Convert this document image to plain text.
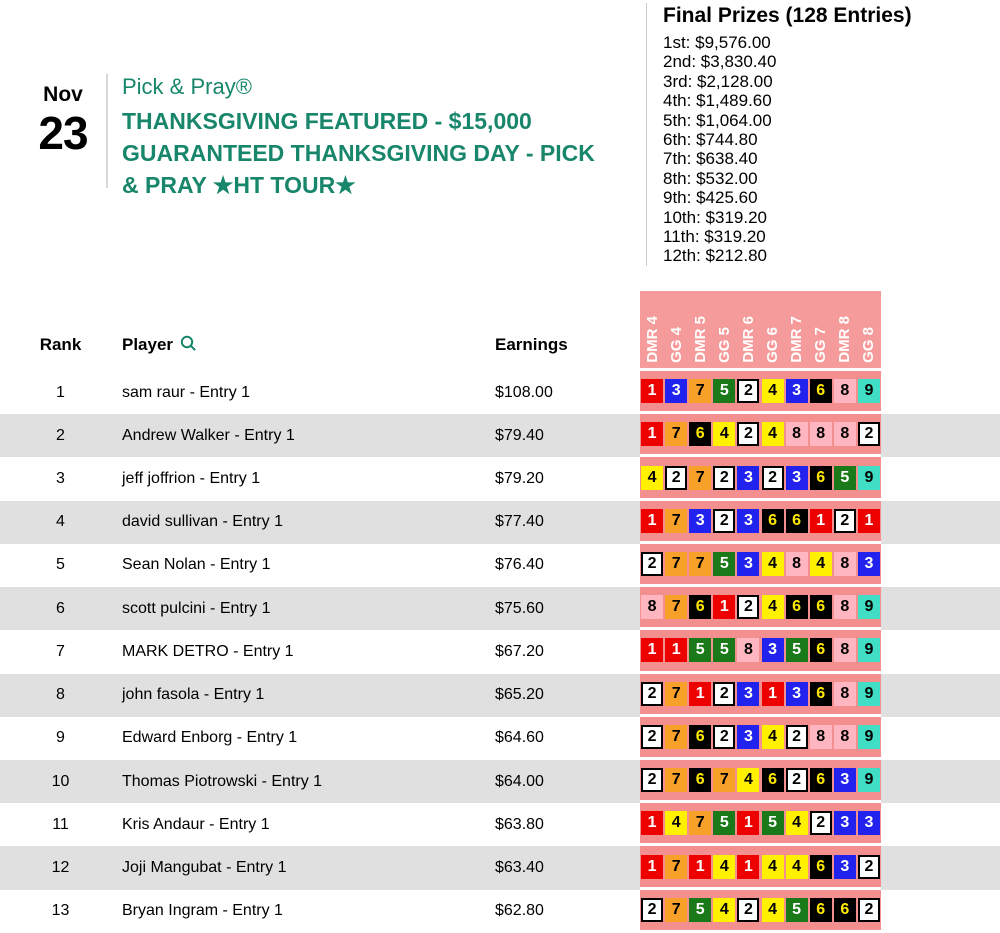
Nov
23
Pick & Pray®
THANKSGIVING FEATURED - $15,000
GUARANTEED THANKSGIVING DAY - PICK
& PRAY ★HT TOUR★
Final Prizes (128 Entries)
1st: $9,576.00
2nd: $3,830.40
3rd: $2,128.00
4th: $1,489.60
5th: $1,064.00
6th: $744.80
7th: $638.40
8th: $532.00
9th: $425.60
10th: $319.20
11th: $319.20
12th: $212.80
Rank	Player	Earnings	DMR 4 GG 4 DMR 5 GG 5 DMR 6 GG 6 DMR 7 GG 7 DMR 8 GG 8
1	sam raur - Entry 1	$108.00	1 3 7 5 2 4 3 6 8 9
2	Andrew Walker - Entry 1	$79.40	1 7 6 4 2 4 8 8 8 2
3	jeff joffrion - Entry 1	$79.20	4 2 7 2 3 2 3 6 5 9
4	david sullivan - Entry 1	$77.40	1 7 3 2 3 6 6 1 2 1
5	Sean Nolan - Entry 1	$76.40	2 7 7 5 3 4 8 4 8 3
6	scott pulcini - Entry 1	$75.60	8 7 6 1 2 4 6 6 8 9
7	MARK DETRO - Entry 1	$67.20	1 1 5 5 8 3 5 6 8 9
8	john fasola - Entry 1	$65.20	2 7 1 2 3 1 3 6 8 9
9	Edward Enborg - Entry 1	$64.60	2 7 6 2 3 4 2 8 8 9
10	Thomas Piotrowski - Entry 1	$64.00	2 7 6 7 4 6 2 6 3 9
11	Kris Andaur - Entry 1	$63.80	1 4 7 5 1 5 4 2 3 3
12	Joji Mangubat - Entry 1	$63.40	1 7 1 4 1 4 4 6 3 2
13	Bryan Ingram - Entry 1	$62.80	2 7 5 4 2 4 5 6 6 2
